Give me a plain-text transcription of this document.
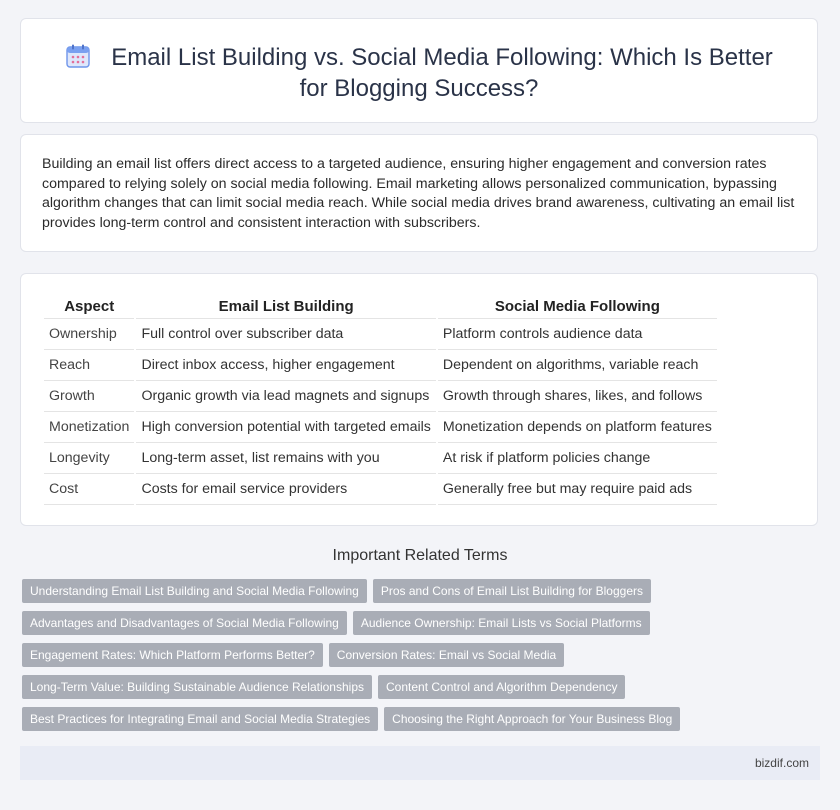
Email List Building vs. Social Media Following: Which Is Better for Blogging Success?

Building an email list offers direct access to a targeted audience, ensuring higher engagement and conversion rates compared to relying solely on social media following. Email marketing allows personalized communication, bypassing algorithm changes that can limit social media reach. While social media drives brand awareness, cultivating an email list provides long-term control and consistent interaction with subscribers.

Aspect	Email List Building	Social Media Following
Ownership	Full control over subscriber data	Platform controls audience data
Reach	Direct inbox access, higher engagement	Dependent on algorithms, variable reach
Growth	Organic growth via lead magnets and signups	Growth through shares, likes, and follows
Monetization	High conversion potential with targeted emails	Monetization depends on platform features
Longevity	Long-term asset, list remains with you	At risk if platform policies change
Cost	Costs for email service providers	Generally free but may require paid ads
Important Related Terms
Understanding Email List Building and Social Media Following Pros and Cons of Email List Building for Bloggers
Advantages and Disadvantages of Social Media Following Audience Ownership: Email Lists vs Social Platforms
Engagement Rates: Which Platform Performs Better? Conversion Rates: Email vs Social Media
Long-Term Value: Building Sustainable Audience Relationships Content Control and Algorithm Dependency
Best Practices for Integrating Email and Social Media Strategies Choosing the Right Approach for Your Business Blog
bizdif.com
